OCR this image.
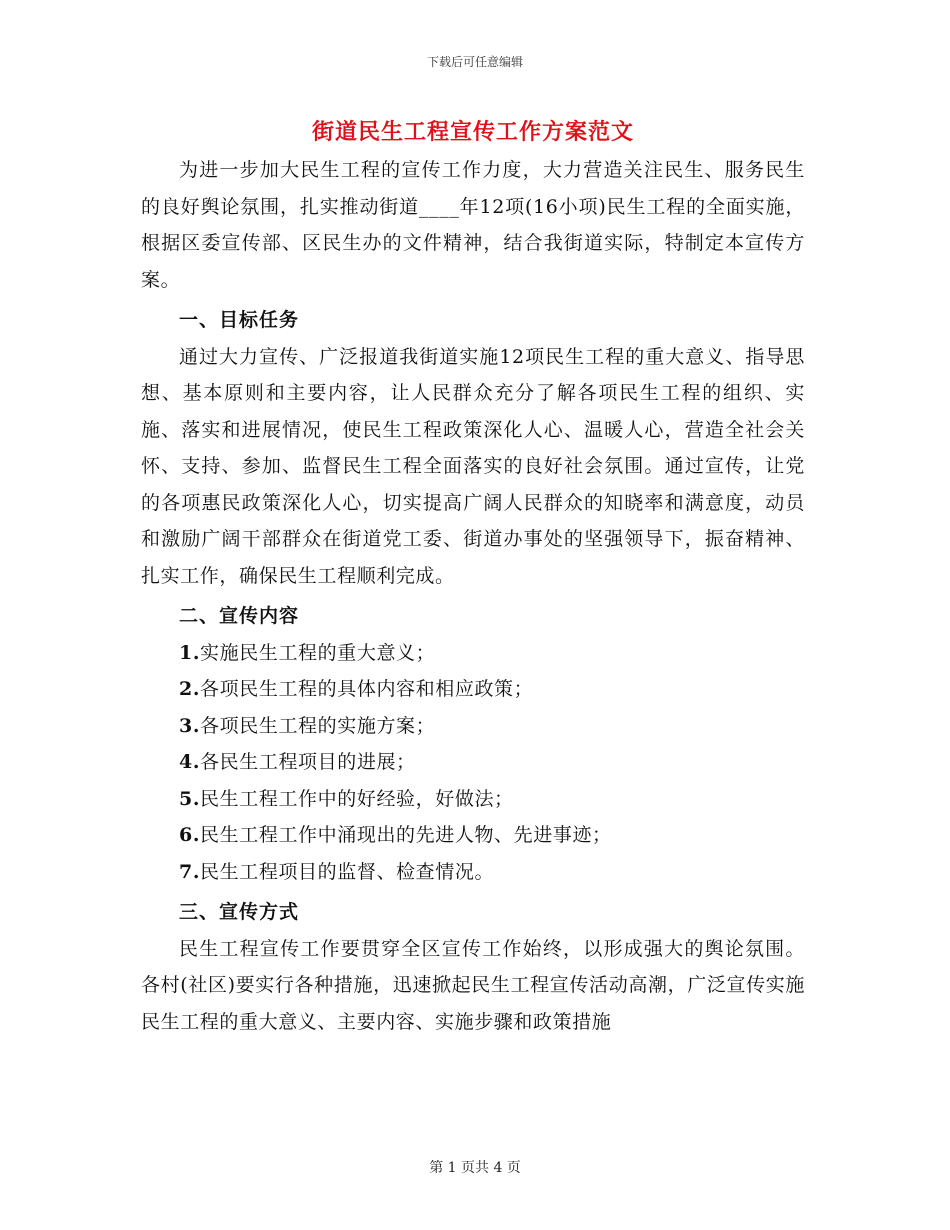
下载后可任意编辑
街道民生工程宣传工作方案范文

为进一步加大民生工程的宣传工作力度，大力营造关注民生、服务民生的良好舆论氛围，扎实推动街道____年12项(16小项)民生工程的全面实施，根据区委宣传部、区民生办的文件精神，结合我街道实际，特制定本宣传方案。

一、目标任务

通过大力宣传、广泛报道我街道实施12项民生工程的重大意义、指导思想、基本原则和主要内容，让人民群众充分了解各项民生工程的组织、实施、落实和进展情况，使民生工程政策深化人心、温暖人心，营造全社会关怀、支持、参加、监督民生工程全面落实的良好社会氛围。通过宣传，让党的各项惠民政策深化人心，切实提高广阔人民群众的知晓率和满意度，动员和激励广阔干部群众在街道党工委、街道办事处的坚强领导下，振奋精神、扎实工作，确保民生工程顺利完成。

二、宣传内容
1.实施民生工程的重大意义；
2.各项民生工程的具体内容和相应政策；
3.各项民生工程的实施方案；
4.各民生工程项目的进展；
5.民生工程工作中的好经验，好做法；
6.民生工程工作中涌现出的先进人物、先进事迹；
7.民生工程项目的监督、检查情况。
三、宣传方式

民生工程宣传工作要贯穿全区宣传工作始终，以形成强大的舆论氛围。各村(社区)要实行各种措施，迅速掀起民生工程宣传活动高潮，广泛宣传实施民生工程的重大意义、主要内容、实施步骤和政策措施

第 1 页共 4 页
